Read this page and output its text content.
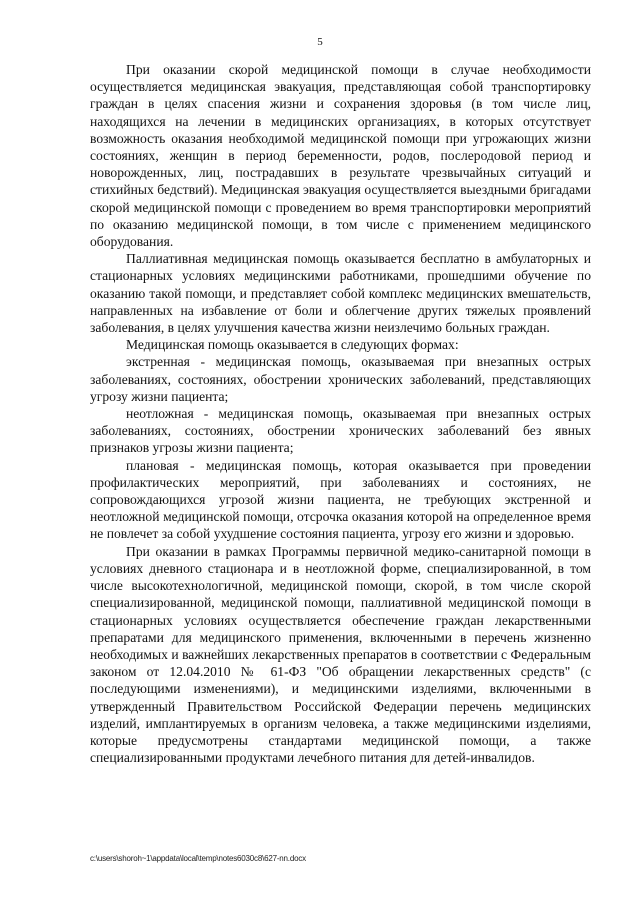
5

При оказании скорой медицинской помощи в случае необходимости осуществляется медицинская эвакуация, представляющая собой транспортировку граждан в целях спасения жизни и сохранения здоровья (в том числе лиц, находящихся на лечении в медицинских организациях, в которых отсутствует возможность оказания необходимой медицинской помощи при угрожающих жизни состояниях, женщин в период беременности, родов, послеродовой период и новорожденных, лиц, пострадавших в результате чрезвычайных ситуаций и стихийных бедствий). Медицинская эвакуация осуществляется выездными бригадами скорой медицинской помощи с проведением во время транспортировки мероприятий по оказанию медицинской помощи, в том числе с применением медицинского оборудования.

Паллиативная медицинская помощь оказывается бесплатно в амбулаторных и стационарных условиях медицинскими работниками, прошедшими обучение по оказанию такой помощи, и представляет собой комплекс медицинских вмешательств, направленных на избавление от боли и облегчение других тяжелых проявлений заболевания, в целях улучшения качества жизни неизлечимо больных граждан.

Медицинская помощь оказывается в следующих формах:

экстренная - медицинская помощь, оказываемая при внезапных острых заболеваниях, состояниях, обострении хронических заболеваний, представляющих угрозу жизни пациента;

неотложная - медицинская помощь, оказываемая при внезапных острых заболеваниях, состояниях, обострении хронических заболеваний без явных признаков угрозы жизни пациента;

плановая - медицинская помощь, которая оказывается при проведении профилактических мероприятий, при заболеваниях и состояниях, не сопровождающихся угрозой жизни пациента, не требующих экстренной и неотложной медицинской помощи, отсрочка оказания которой на определенное время не повлечет за собой ухудшение состояния пациента, угрозу его жизни и здоровью.

При оказании в рамках Программы первичной медико-санитарной помощи в условиях дневного стационара и в неотложной форме, специализированной, в том числе высокотехнологичной, медицинской помощи, скорой, в том числе скорой специализированной, медицинской помощи, паллиативной медицинской помощи в стационарных условиях осуществляется обеспечение граждан лекарственными препаратами для медицинского применения, включенными в перечень жизненно необходимых и важнейших лекарственных препаратов в соответствии с Федеральным законом от 12.04.2010 № 61-ФЗ "Об обращении лекарственных средств" (с последующими изменениями), и медицинскими изделиями, включенными в утвержденный Правительством Российской Федерации перечень медицинских изделий, имплантируемых в организм человека, а также медицинскими изделиями, которые предусмотрены стандартами медицинской помощи, а также специализированными продуктами лечебного питания для детей-инвалидов.

c:\users\shoroh~1\appdata\local\temp\notes6030c8\627-nn.docx
